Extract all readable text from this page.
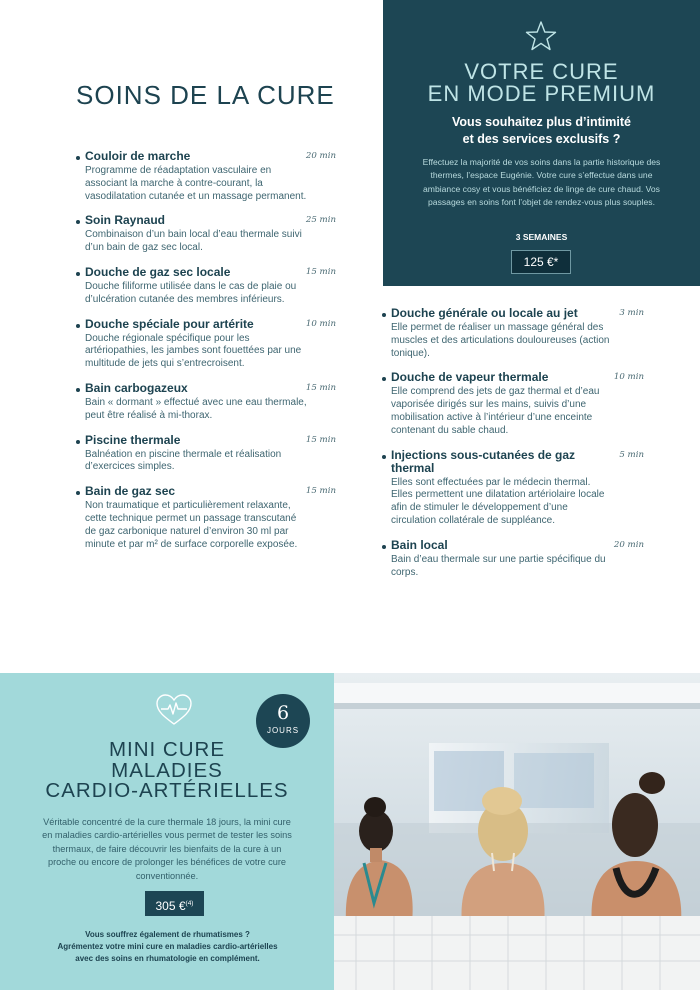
SOINS DE LA CURE
VOTRE CURE
EN MODE PREMIUM
Vous souhaitez plus d’intimité
et des services exclusifs ?

Effectuez la majorité de vos soins dans la partie historique des thermes, l’espace Eugénie. Votre cure s’effectue dans une ambiance cosy et vous bénéficiez de linge de cure chaud. Vos passages en soins font l’objet de rendez-vous plus souples.

3 SEMAINES
125 €*
Couloir de marche	20 min
Programme de réadaptation vasculaire en associant la marche à contre-courant, la vasodilatation cutanée et un massage permanent.
Soin Raynaud	25 min
Combinaison d’un bain local d’eau thermale suivi d’un bain de gaz sec local.
Douche de gaz sec locale	15 min
Douche filiforme utilisée dans le cas de plaie ou d’ulcération cutanée des membres inférieurs.
Douche spéciale pour artérite	10 min
Douche régionale spécifique pour les artériopathies, les jambes sont fouettées par une multitude de jets qui s’entrecroisent.
Bain carbogazeux	15 min
Bain « dormant » effectué avec une eau thermale, peut être réalisé à mi-thorax.
Piscine thermale	15 min
Balnéation en piscine thermale et réalisation d’exercices simples.
Bain de gaz sec	15 min
Non traumatique et particulièrement relaxante, cette technique permet un passage transcutané de gaz carbonique naturel d’environ 30 ml par minute et par m² de surface corporelle exposée.
Douche générale ou locale au jet	3 min
Elle permet de réaliser un massage général des muscles et des articulations douloureuses (action tonique).
Douche de vapeur thermale	10 min
Elle comprend des jets de gaz thermal et d’eau vaporisée dirigés sur les mains, suivis d’une mobilisation active à l’intérieur d’une enceinte contenant du sable chaud.
Injections sous-cutanées de gaz thermal
5 min
Elles sont effectuées par le médecin thermal. Elles permettent une dilatation artériolaire locale afin de stimuler le développement d’une circulation collatérale de suppléance.
Bain local	20 min
Bain d’eau thermale sur une partie spécifique du corps.
6
JOURS
MINI CURE
MALADIES
CARDIO-ARTÉRIELLES

Véritable concentré de la cure thermale 18 jours, la mini cure en maladies cardio-artérielles vous permet de tester les soins thermaux, de faire découvrir les bienfaits de la cure à un proche ou encore de prolonger les bénéfices de votre cure conventionnée.

305 €$^{(4)}$
Vous souffrez également de rhumatismes ?
Agrémentez votre mini cure en maladies cardio-artérielles
avec des soins en rhumatologie en complément.
